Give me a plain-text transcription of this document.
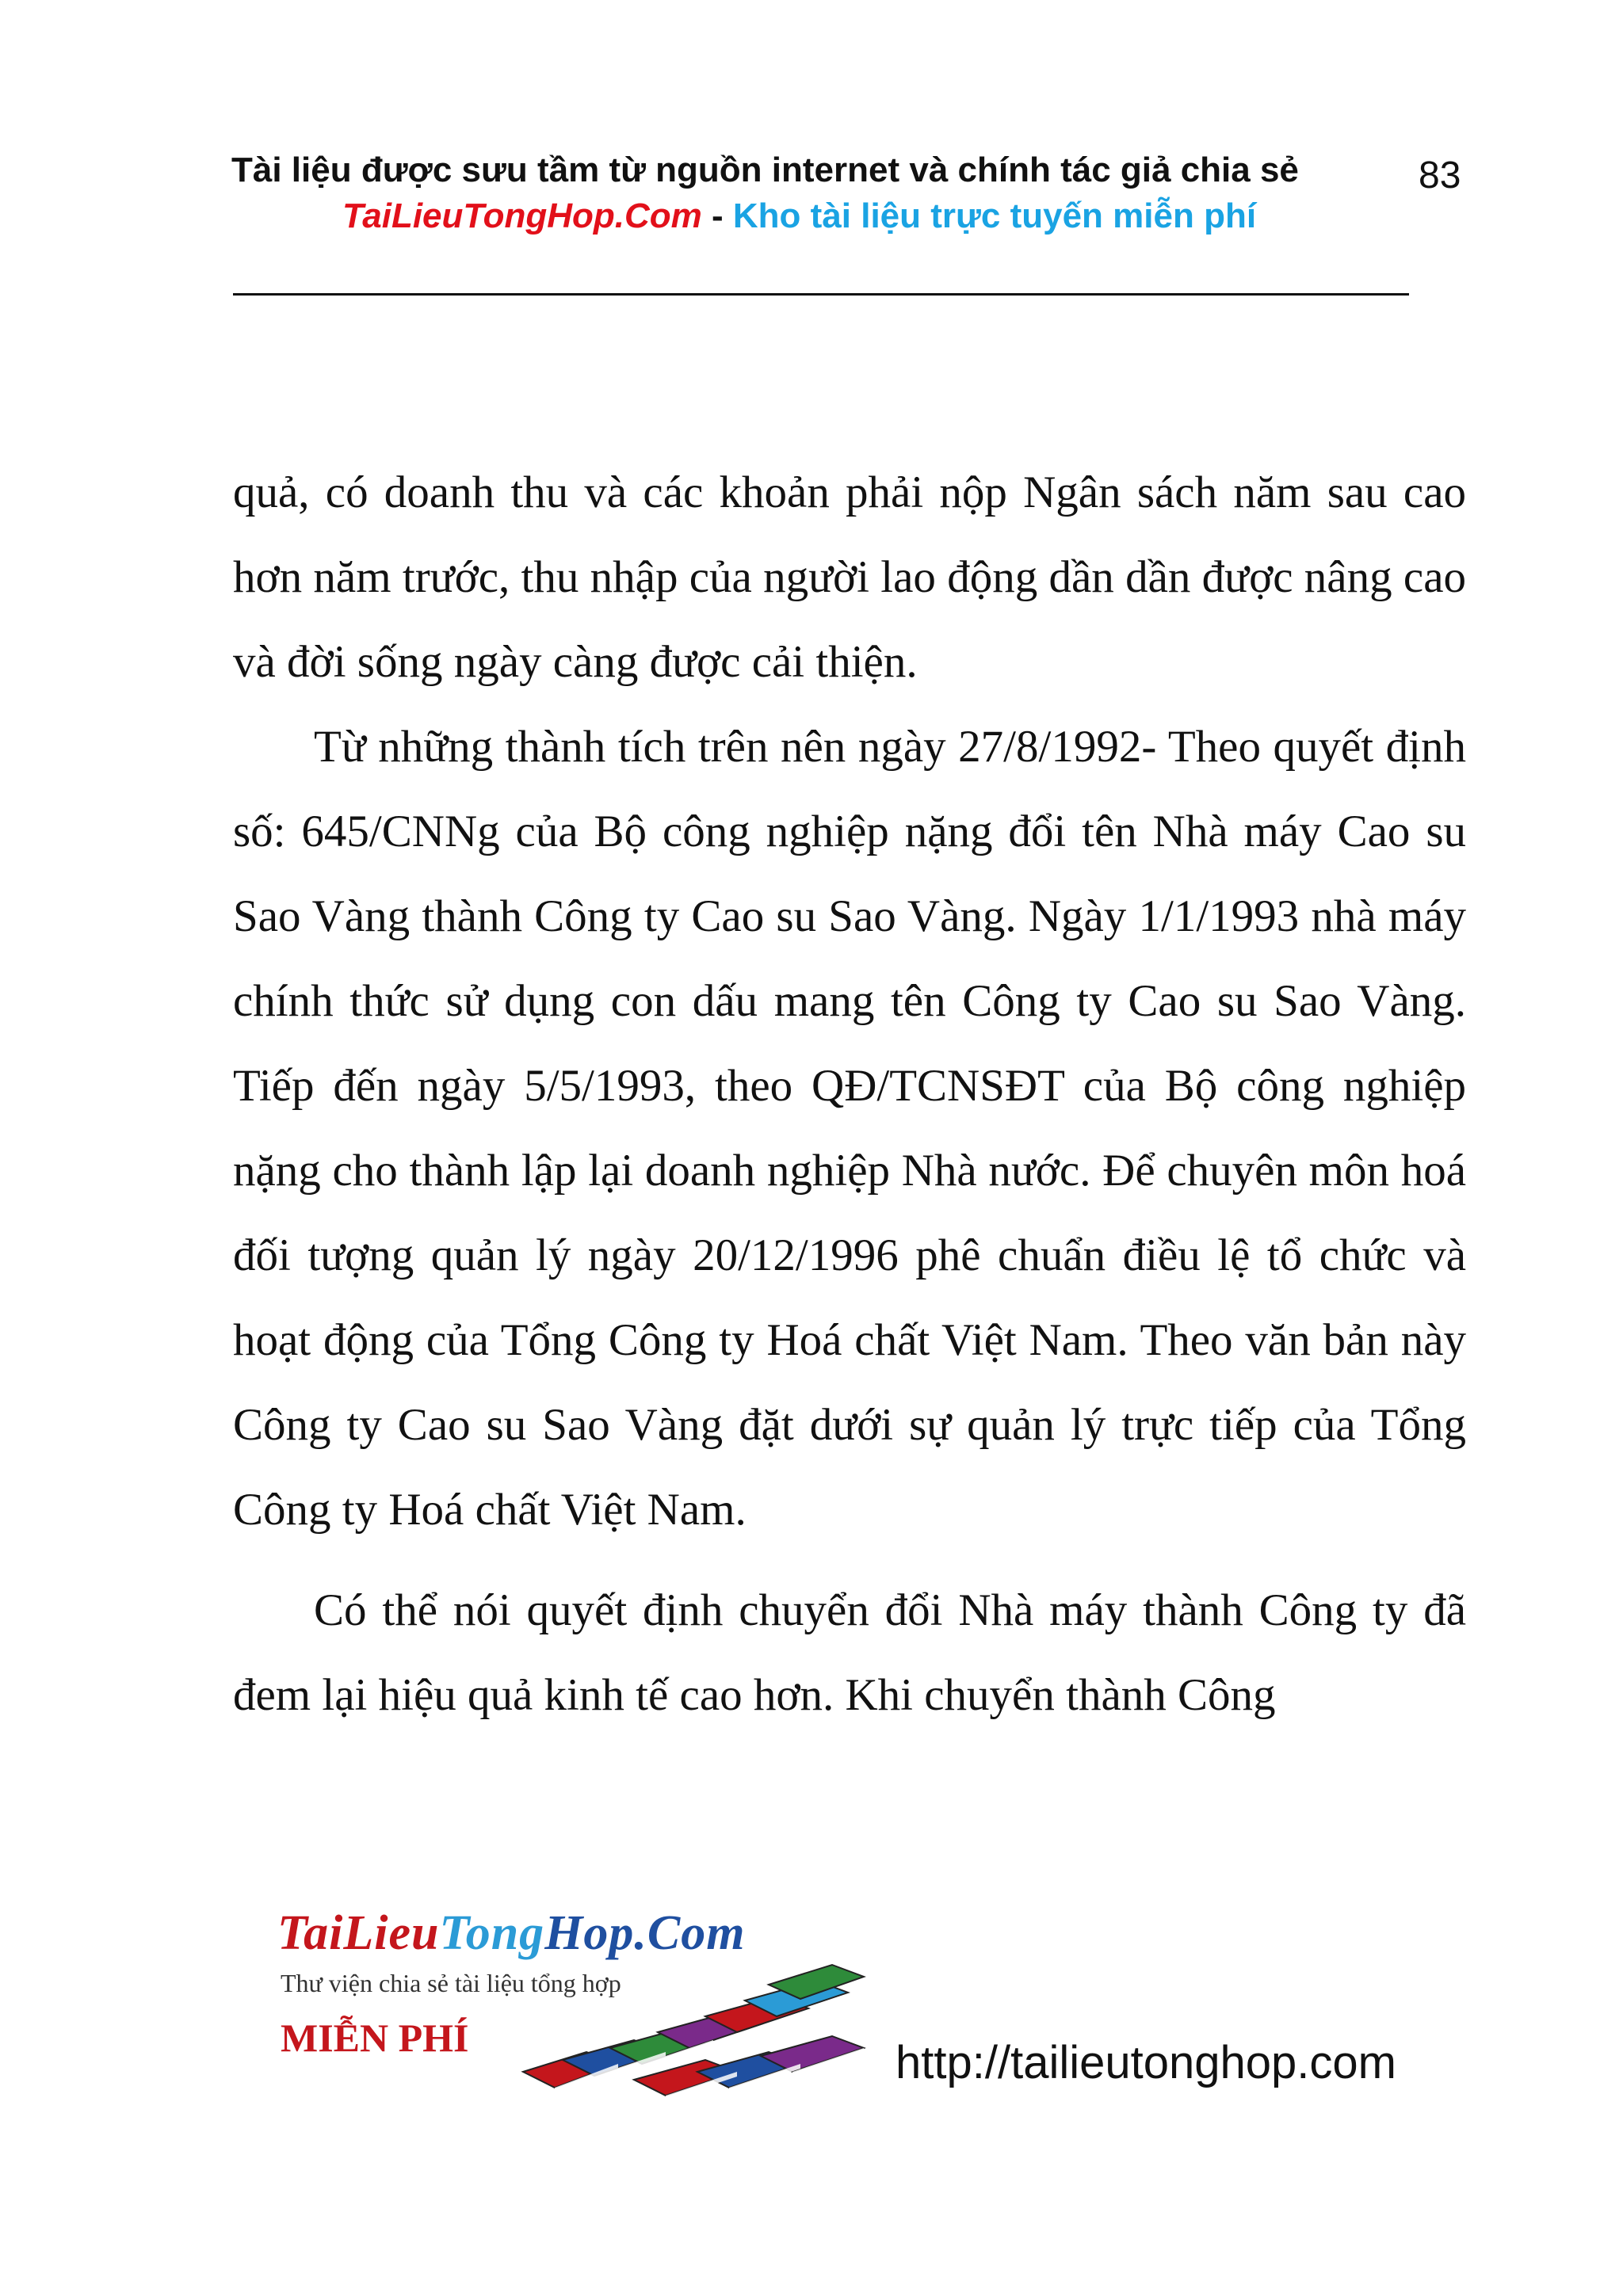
Tài liệu được sưu tầm từ nguồn internet và chính tác giả chia sẻ	83
TaiLieuTongHop.Com - Kho tài liệu trực tuyến miễn phí

quả, có doanh thu và các khoản phải nộp Ngân sách năm sau cao hơn năm trước, thu nhập của người lao động dần dần được nâng cao và đời sống ngày càng được cải thiện.

Từ những thành tích trên nên ngày 27/8/1992- Theo quyết định số: 645/CNNg của Bộ công nghiệp nặng đổi tên Nhà máy Cao su Sao Vàng thành Công ty Cao su Sao Vàng. Ngày 1/1/1993 nhà máy chính thức sử dụng con dấu mang tên Công ty Cao su Sao Vàng. Tiếp đến ngày 5/5/1993, theo QĐ/TCNSĐT của Bộ công nghiệp nặng cho thành lập lại doanh nghiệp Nhà nước. Để chuyên môn hoá đối tượng quản lý ngày 20/12/1996 phê chuẩn điều lệ tổ chức và hoạt động của Tổng Công ty Hoá chất Việt Nam. Theo văn bản này Công ty Cao su Sao Vàng đặt dưới sự quản lý trực tiếp của Tổng Công ty Hoá chất Việt Nam.

Có thể nói quyết định chuyển đổi Nhà máy thành Công ty đã đem lại hiệu quả kinh tế cao hơn. Khi chuyển thành Công

TaiLieuTongHop.Com
Thư viện chia sẻ tài liệu tổng hợp
MIỄN PHÍ	http://tailieutonghop.com
